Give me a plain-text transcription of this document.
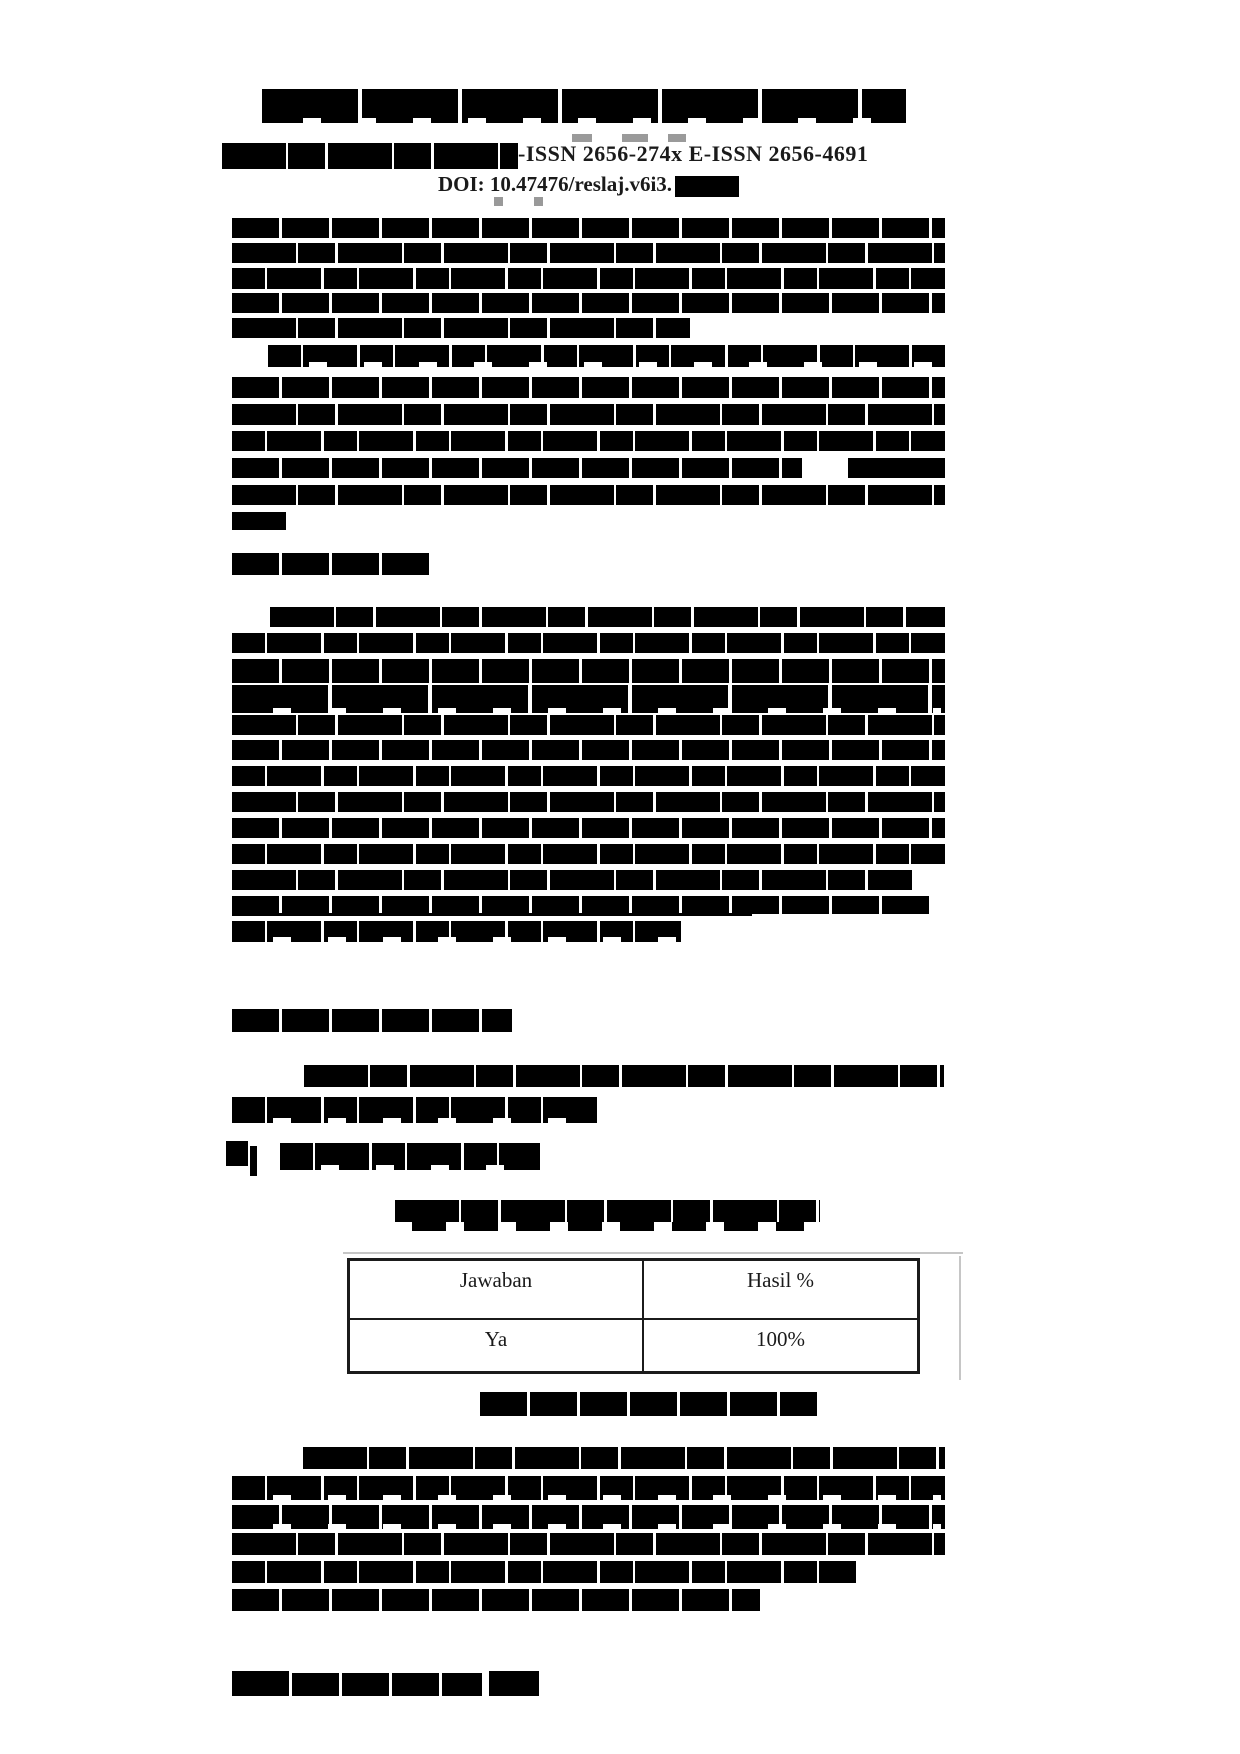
-ISSN 2656-274x E-ISSN 2656-4691
DOI: 10.47476/reslaj.v6i3.
Jawaban	Hasil %
Ya	100%
